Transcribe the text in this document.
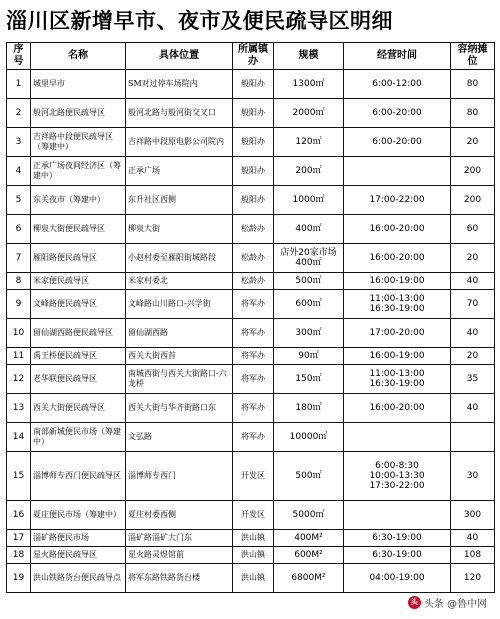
淄川区新增早市、夜市及便民疏导区明细
序号	名称	具体位置	所属镇办	规模	经营时间	容纳摊位
1	城里早市	SM对过停车场院内	般阳办	1300㎡	6:00-12:00	80
2	般河北路便民疏导区	般河北路与般河街交叉口	般阳办	2000㎡	6:00-20:00	80
3	吉祥路中段便民疏导区（筹建中）	吉祥路中段原电影公司院内	般阳办	120㎡	6:00-20:00	20
4	正承广场夜间经济区（筹建中）	正承广场	般阳办	200㎡		200
5	东关夜市（筹建中）	东升社区西侧	般阳办	1000㎡	17:00-22:00	200
6	柳泉大街便民疏导区	柳泉大街	松龄办	400㎡	16:00-20:00	60
7	雁阳路便民疏导区	小赵村委至雁阳街城路段	松龄办	店外20家市场400㎡	16:00-20:00	20
8	米家便民疏导区	米家村委北	松龄办	500㎡	16:00-19:00	40
9	文峰路便民疏导区	文峰路山川路口-兴学街	将军办	600㎡	11:00-13:00
16:30-19:00	70
10	留仙湖西路便民疏导区	留仙湖西路	将军办	300㎡	17:00-20:00	40
11	禹王桥便民疏导区	西关大街西首	将军办	90㎡	16:00-19:00	20
12	老华联便民疏导区	南城西街与西关大街路口-六龙桥	将军办	150㎡	11:00-13:00
16:30-19:00	35
13	西关大街便民疏导区	西关大街与华齐街路口东	将军办	180㎡	16:00-20:00	40
14	南部新城便民市场（筹建中）	文弘路	将军办	10000㎡		
15	淄博师专西门便民疏导区	淄博师专西门	开发区	500㎡	6:00-8:30
10:00-13:30
17:30-22:00	30
16	夏庄便民市场（筹建中）	夏庄村委西侧	开发区	5000㎡		300
17	淄矿路便民市场	淄矿路淄矿大门东	洪山镇	400M²	6:30-19:00	40
18	星火路便民疏导区	星火路灵煜馆前	洪山镇	600M²	6:30-19:00	108
19	洪山铁路货台便民疏导点	将军东路铁路货台楼	洪山镇	6800M²	04:00-19:00	120
头 头条 @鲁中网
